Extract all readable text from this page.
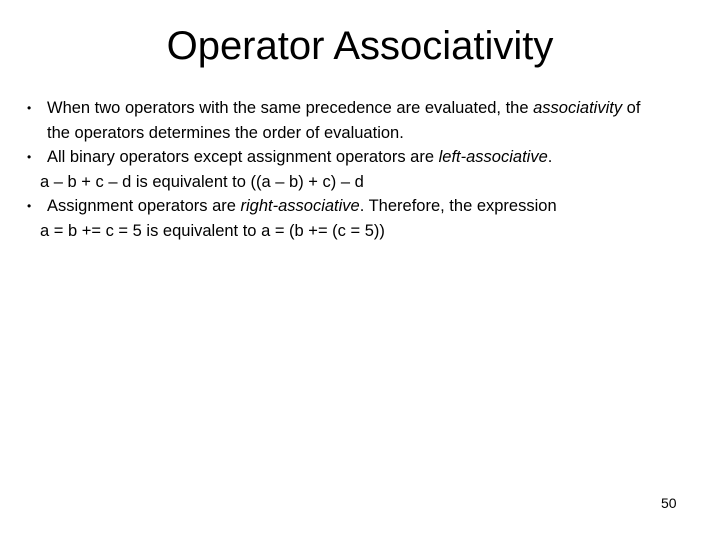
Operator Associativity
• When two operators with the same precedence are evaluated, the associativity of
the operators determines the order of evaluation.
• All binary operators except assignment operators are left-associative.
a – b + c – d is equivalent to ((a – b) + c) – d
• Assignment operators are right-associative. Therefore, the expression
a = b += c = 5 is equivalent to a = (b += (c = 5))
50
